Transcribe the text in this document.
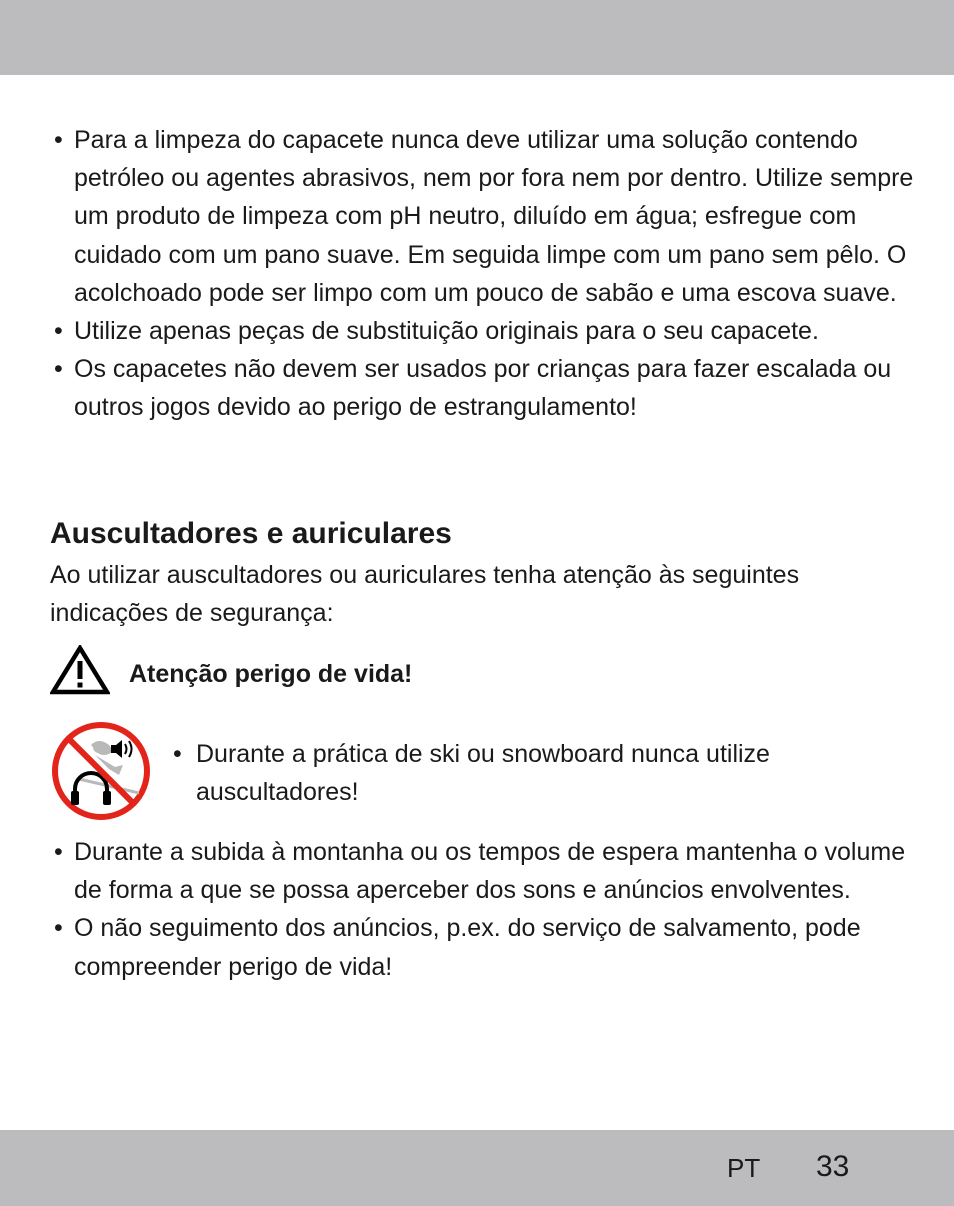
• Para a limpeza do capacete nunca deve utilizar uma solução contendo petróleo ou agentes abrasivos, nem por fora nem por dentro. Utilize sempre um produto de limpeza com pH neutro, diluído em água; esfregue com cuidado com um pano suave. Em seguida limpe com um pano sem pêlo. O acolchoado pode ser limpo com um pouco de sabão e uma escova suave.
• Utilize apenas peças de substituição originais para o seu capacete.
• Os capacetes não devem ser usados por crianças para fazer escalada ou outros jogos devido ao perigo de estrangulamento!
Auscultadores e auriculares

Ao utilizar auscultadores ou auriculares tenha atenção às seguintes indicações de segurança:

Atenção perigo de vida!

• Durante a prática de ski ou snowboard nunca utilize auscultadores!
• Durante a subida à montanha ou os tempos de espera mantenha o volume de forma a que se possa aperceber dos sons e anúncios envolventes.
• O não seguimento dos anúncios, p.ex. do serviço de salvamento, pode compreender perigo de vida!
PT 33
